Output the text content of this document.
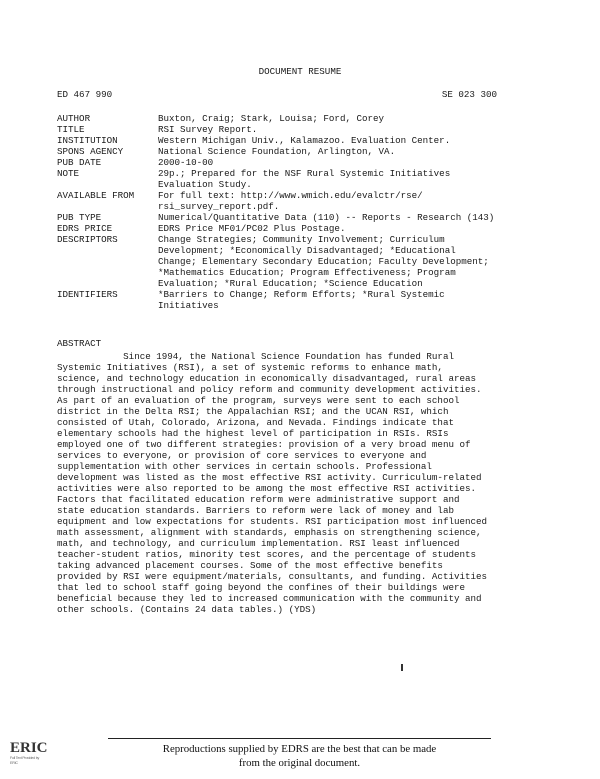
DOCUMENT RESUME
ED 467 990	SE 023 300
AUTHOR	Buxton, Craig; Stark, Louisa; Ford, Corey
TITLE	RSI Survey Report.
INSTITUTION	Western Michigan Univ., Kalamazoo. Evaluation Center.
SPONS AGENCY	National Science Foundation, Arlington, VA.
PUB DATE	2000-10-00
NOTE	29p.; Prepared for the NSF Rural Systemic Initiatives
Evaluation Study.
AVAILABLE FROM	For full text: http://www.wmich.edu/evalctr/rse/
rsi_survey_report.pdf.
PUB TYPE	Numerical/Quantitative Data (110) -- Reports - Research (143)
EDRS PRICE	EDRS Price MF01/PC02 Plus Postage.
DESCRIPTORS	Change Strategies; Community Involvement; Curriculum
Development; *Economically Disadvantaged; *Educational
Change; Elementary Secondary Education; Faculty Development;
*Mathematics Education; Program Effectiveness; Program
Evaluation; *Rural Education; *Science Education
IDENTIFIERS	*Barriers to Change; Reform Efforts; *Rural Systemic
Initiatives
ABSTRACT
Since 1994, the National Science Foundation has funded Rural
Systemic Initiatives (RSI), a set of systemic reforms to enhance math,
science, and technology education in economically disadvantaged, rural areas
through instructional and policy reform and community development activities.
As part of an evaluation of the program, surveys were sent to each school
district in the Delta RSI; the Appalachian RSI; and the UCAN RSI, which
consisted of Utah, Colorado, Arizona, and Nevada. Findings indicate that
elementary schools had the highest level of participation in RSIs. RSIs
employed one of two different strategies: provision of a very broad menu of
services to everyone, or provision of core services to everyone and
supplementation with other services in certain schools. Professional
development was listed as the most effective RSI activity. Curriculum-related
activities were also reported to be among the most effective RSI activities.
Factors that facilitated education reform were administrative support and
state education standards. Barriers to reform were lack of money and lab
equipment and low expectations for students. RSI participation most influenced
math assessment, alignment with standards, emphasis on strengthening science,
math, and technology, and curriculum implementation. RSI least influenced
teacher-student ratios, minority test scores, and the percentage of students
taking advanced placement courses. Some of the most effective benefits
provided by RSI were equipment/materials, consultants, and funding. Activities
that led to school staff going beyond the confines of their buildings were
beneficial because they led to increased communication with the community and
other schools. (Contains 24 data tables.) (YDS)
ERIC
Full Text Provided by ERIC
Reproductions supplied by EDRS are the best that can be made
from the original document.
